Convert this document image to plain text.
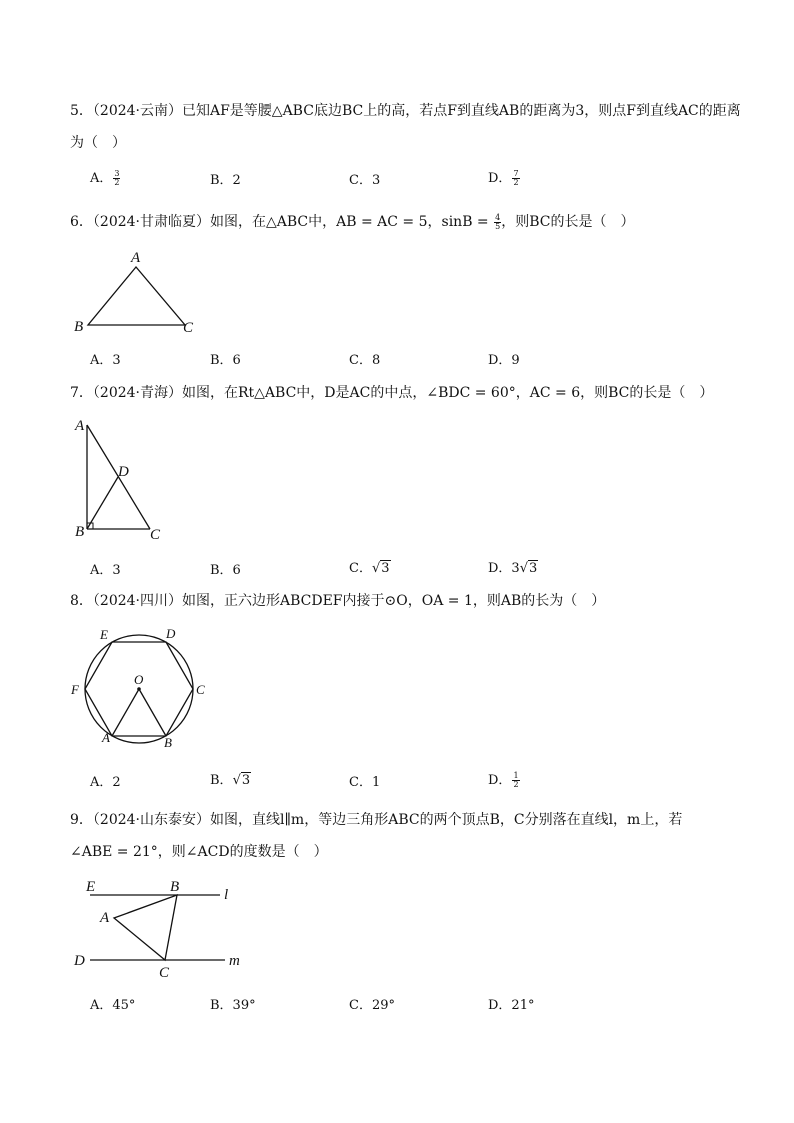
5．（2024·云南）已知AF是等腰△ABC底边BC上的高，若点F到直线AB的距离为3，则点F到直线AC的距离
为（　）
A． $\frac{3}{2}$	B．2	C．3	D． $\frac{7}{2}$
6．（2024·甘肃临夏）如图，在△ABC中，AB = AC = 5，$\sin B = \frac{4}{5}$ ，则BC的长是（　）
A
B	C
A．3	B．6	C．8	D．9
7．（2024·青海）如图，在Rt△ABC中，D是AC的中点，∠BDC = 60°，AC = 6，则BC的长是（　）
A
D
B	C
A．3	B．6	C．√3	D．3√3
8．（2024·四川）如图，正六边形ABCDEF内接于⊙O，OA = 1，则AB的长为（　）
E	D
F	C
O
A	B
A．2	B．√3	C．1	D． $\frac{1}{2}$
9．（2024·山东泰安）如图，直线l∥m，等边三角形ABC的两个顶点B，C分别落在直线l，m上，若
∠ABE = 21°，则∠ACD的度数是（　）
E	B	l
A
D
C
m
A．45°	B．39°	C．29°	D．21°
